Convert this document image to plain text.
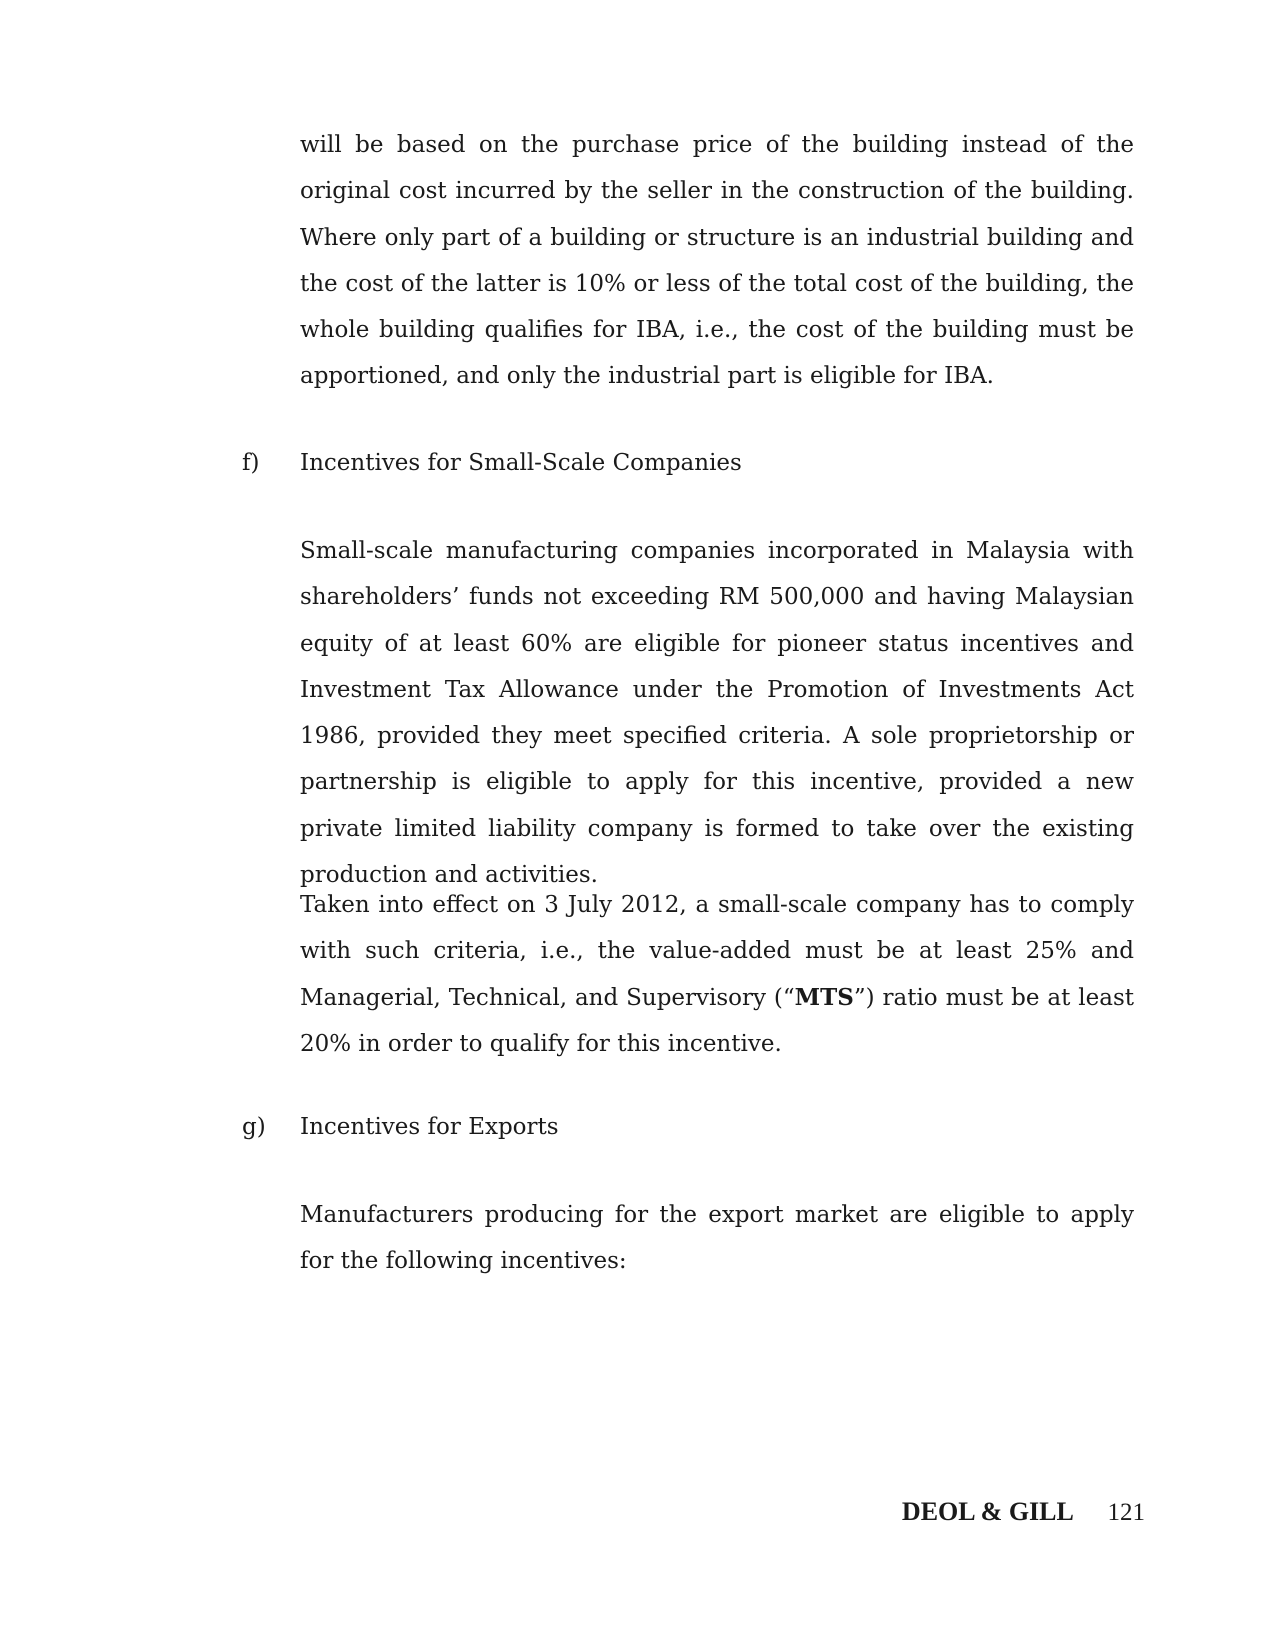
will be based on the purchase price of the building instead of the original cost incurred by the seller in the construction of the building. Where only part of a building or structure is an industrial building and the cost of the latter is 10% or less of the total cost of the building, the whole building qualifies for IBA, i.e., the cost of the building must be apportioned, and only the industrial part is eligible for IBA.

f)	Incentives for Small-Scale Companies

Small-scale manufacturing companies incorporated in Malaysia with shareholders’ funds not exceeding RM 500,000 and having Malaysian equity of at least 60% are eligible for pioneer status incentives and Investment Tax Allowance under the Promotion of Investments Act 1986, provided they meet specified criteria. A sole proprietorship or partnership is eligible to apply for this incentive, provided a new private limited liability company is formed to take over the existing production and activities.

Taken into effect on 3 July 2012, a small-scale company has to comply with such criteria, i.e., the value-added must be at least 25% and Managerial, Technical, and Supervisory (“MTS”) ratio must be at least 20% in order to qualify for this incentive.

g)	Incentives for Exports

Manufacturers producing for the export market are eligible to apply for the following incentives:

DEOL & GILL 121
